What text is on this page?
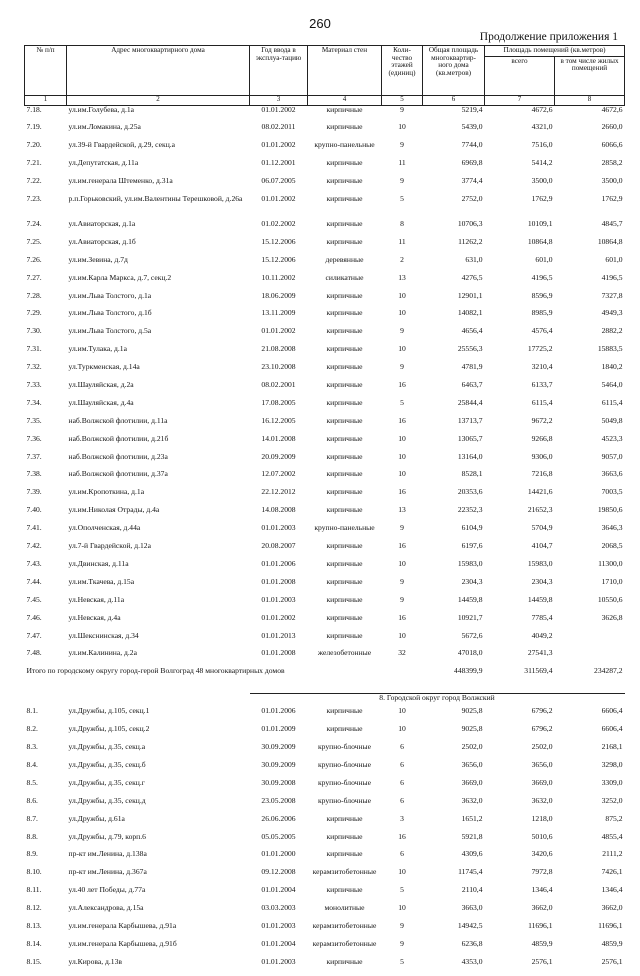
260
Продолжение приложения 1
№ п/п	Адрес многоквартирного дома	Год ввода в эксплуа-тацию	Материал стен	Коли-чество этажей (единиц)	Общая площадь многоквартир-ного дома (кв.метров)	Площадь помещений (кв.метров)	
						всего	в том числе жилых помещений
1	2	3	4	5	6	7	8
7.18.	ул.им.Голубева, д.1а	01.01.2002	кирпичные	9	5219,4	4672,6	4672,6
7.19.	ул.им.Ломакина, д.25а	08.02.2011	кирпичные	10	5439,0	4321,0	2660,0
7.20.	ул.39-й Гвардейской, д.29, секц.а	01.01.2002	крупно-панельные	9	7744,0	7516,0	6066,6
7.21.	ул.Депутатская, д.11а	01.12.2001	кирпичные	11	6969,8	5414,2	2858,2
7.22.	ул.им.генерала Штеменко, д.31а	06.07.2005	кирпичные	9	3774,4	3500,0	3500,0
7.23.	р.п.Горьковский, ул.им.Валентины Терешковой, д.26а	01.01.2002	кирпичные	5	2752,0	1762,9	1762,9
7.24.	ул.Авиаторская, д.1а	01.02.2002	кирпичные	8	10706,3	10109,1	4845,7
7.25.	ул.Авиаторская, д.1б	15.12.2006	кирпичные	11	11262,2	10864,8	10864,8
7.26.	ул.им.Зевина, д.7д	15.12.2006	деревянные	2	631,0	601,0	601,0
7.27.	ул.им.Карла Маркса, д.7, секц.2	10.11.2002	силикатные	13	4276,5	4196,5	4196,5
7.28.	ул.им.Льва Толстого, д.1а	18.06.2009	кирпичные	10	12901,1	8596,9	7327,8
7.29.	ул.им.Льва Толстого, д.1б	13.11.2009	кирпичные	10	14082,1	8985,9	4949,3
7.30.	ул.им.Льва Толстого, д.5а	01.01.2002	кирпичные	9	4656,4	4576,4	2882,2
7.31.	ул.им.Тулака, д.1а	21.08.2008	кирпичные	10	25556,3	17725,2	15883,5
7.32.	ул.Туркменская, д.14а	23.10.2008	кирпичные	9	4781,9	3210,4	1840,2
7.33.	ул.Шауляйская, д.2а	08.02.2001	кирпичные	16	6463,7	6133,7	5464,0
7.34.	ул.Шауляйская, д.4а	17.08.2005	кирпичные	5	25844,4	6115,4	6115,4
7.35.	наб.Волжской флотилии, д.11а	16.12.2005	кирпичные	16	13713,7	9672,2	5049,8
7.36.	наб.Волжской флотилии, д.21б	14.01.2008	кирпичные	10	13065,7	9266,8	4523,3
7.37.	наб.Волжской флотилии, д.23а	20.09.2009	кирпичные	10	13164,0	9306,0	9057,0
7.38.	наб.Волжской флотилии, д.37а	12.07.2002	кирпичные	10	8528,1	7216,8	3663,6
7.39.	ул.им.Кропоткина, д.1а	22.12.2012	кирпичные	16	20353,6	14421,6	7003,5
7.40.	ул.им.Николая Отрады, д.4а	14.08.2008	кирпичные	13	22352,3	21652,3	19850,6
7.41.	ул.Ополченская, д.44а	01.01.2003	крупно-панельные	9	6104,9	5704,9	3646,3
7.42.	ул.7-й Гвардейской, д.12а	20.08.2007	кирпичные	16	6197,6	4104,7	2068,5
7.43.	ул.Двинская, д.11а	01.01.2006	кирпичные	10	15983,0	15983,0	11300,0
7.44.	ул.им.Ткачева, д.15а	01.01.2008	кирпичные	9	2304,3	2304,3	1710,0
7.45.	ул.Невская, д.11а	01.01.2003	кирпичные	9	14459,8	14459,8	10550,6
7.46.	ул.Невская, д.4а	01.01.2002	кирпичные	16	10921,7	7785,4	3626,8
7.47.	ул.Шекснинская, д.34	01.01.2013	кирпичные	10	5672,6	4049,2	
7.48.	ул.им.Калинина, д.2а	01.01.2008	железобетонные	32	47018,0	27541,3	
Итого по городскому округу город-герой Волгоград 48 многоквартирных домов					448399,9	311569,4	234287,2
		8. Городской округ город Волжский					
8.1.	ул.Дружбы, д.105, секц.1	01.01.2006	кирпичные	10	9025,8	6796,2	6606,4
8.2.	ул.Дружбы, д.105, секц.2	01.01.2009	кирпичные	10	9025,8	6796,2	6606,4
8.3.	ул.Дружбы, д.35, секц.а	30.09.2009	крупно-блочные	6	2502,0	2502,0	2168,1
8.4.	ул.Дружбы, д.35, секц.б	30.09.2009	крупно-блочные	6	3656,0	3656,0	3298,0
8.5.	ул.Дружбы, д.35, секц.г	30.09.2008	крупно-блочные	6	3669,0	3669,0	3309,0
8.6.	ул.Дружбы, д.35, секц.д	23.05.2008	крупно-блочные	6	3632,0	3632,0	3252,0
8.7.	ул.Дружбы, д.61а	26.06.2006	кирпичные	3	1651,2	1218,0	875,2
8.8.	ул.Дружбы, д.79, корп.6	05.05.2005	кирпичные	16	5921,8	5010,6	4855,4
8.9.	пр-кт им.Ленина, д.138а	01.01.2000	кирпичные	6	4309,6	3420,6	2111,2
8.10.	пр-кт им.Ленина, д.367а	09.12.2008	керамзитобетонные	10	11745,4	7972,8	7426,1
8.11.	ул.40 лет Победы, д.77а	01.01.2004	кирпичные	5	2110,4	1346,4	1346,4
8.12.	ул.Александрова, д.15а	03.03.2003	монолитные	10	3663,0	3662,0	3662,0
8.13.	ул.им.генерала Карбышева, д.91а	01.01.2003	керамзитобетонные	9	14942,5	11696,1	11696,1
8.14.	ул.им.генерала Карбышева, д.91б	01.01.2004	керамзитобетонные	9	6236,8	4859,9	4859,9
8.15.	ул.Кирова, д.13в	01.01.2003	кирпичные	5	4353,0	2576,1	2576,1
